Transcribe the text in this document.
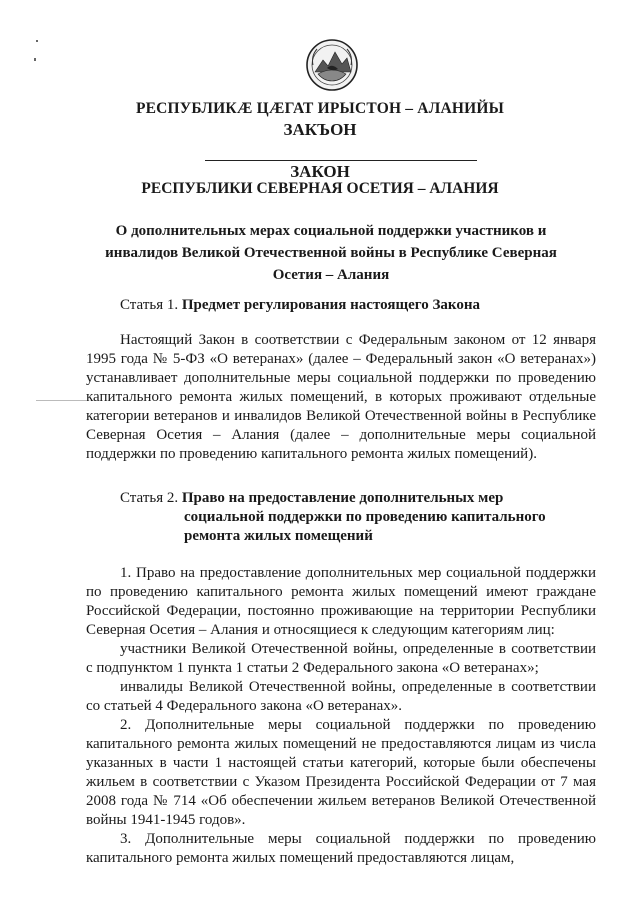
РЕСПУБЛИКÆ ЦÆГАТ ИРЫСТОН – АЛАНИЙЫ
ЗАКЪОН
ЗАКОН
РЕСПУБЛИКИ СЕВЕРНАЯ ОСЕТИЯ – АЛАНИЯ
О дополнительных мерах социальной поддержки участников и
инвалидов Великой Отечественной войны в Республике Северная
Осетия – Алания
Статья 1. Предмет регулирования настоящего Закона

Настоящий Закон в соответствии с Федеральным законом от 12 января 1995 года № 5-ФЗ «О ветеранах» (далее – Федеральный закон «О ветеранах») устанавливает дополнительные меры социальной поддержки по проведению капитального ремонта жилых помещений, в которых проживают отдельные категории ветеранов и инвалидов Великой Отечественной войны в Республике Северная Осетия – Алания (далее – дополнительные меры социальной поддержки по проведению капитального ремонта жилых помещений).

Статья 2. Право на предоставление дополнительных мер
социальной поддержки по проведению капитального
ремонта жилых помещений

1. Право на предоставление дополнительных мер социальной поддержки по проведению капитального ремонта жилых помещений имеют граждане Российской Федерации, постоянно проживающие на территории Республики Северная Осетия – Алания и относящиеся к следующим категориям лиц:

участники Великой Отечественной войны, определенные в соответствии с подпунктом 1 пункта 1 статьи 2 Федерального закона «О ветеранах»;

инвалиды Великой Отечественной войны, определенные в соответствии со статьей 4 Федерального закона «О ветеранах».

2. Дополнительные меры социальной поддержки по проведению капитального ремонта жилых помещений не предоставляются лицам из числа указанных в части 1 настоящей статьи категорий, которые были обеспечены жильем в соответствии с Указом Президента Российской Федерации от 7 мая 2008 года № 714 «Об обеспечении жильем ветеранов Великой Отечественной войны 1941-1945 годов».

3. Дополнительные меры социальной поддержки по проведению капитального ремонта жилых помещений предоставляются лицам,
